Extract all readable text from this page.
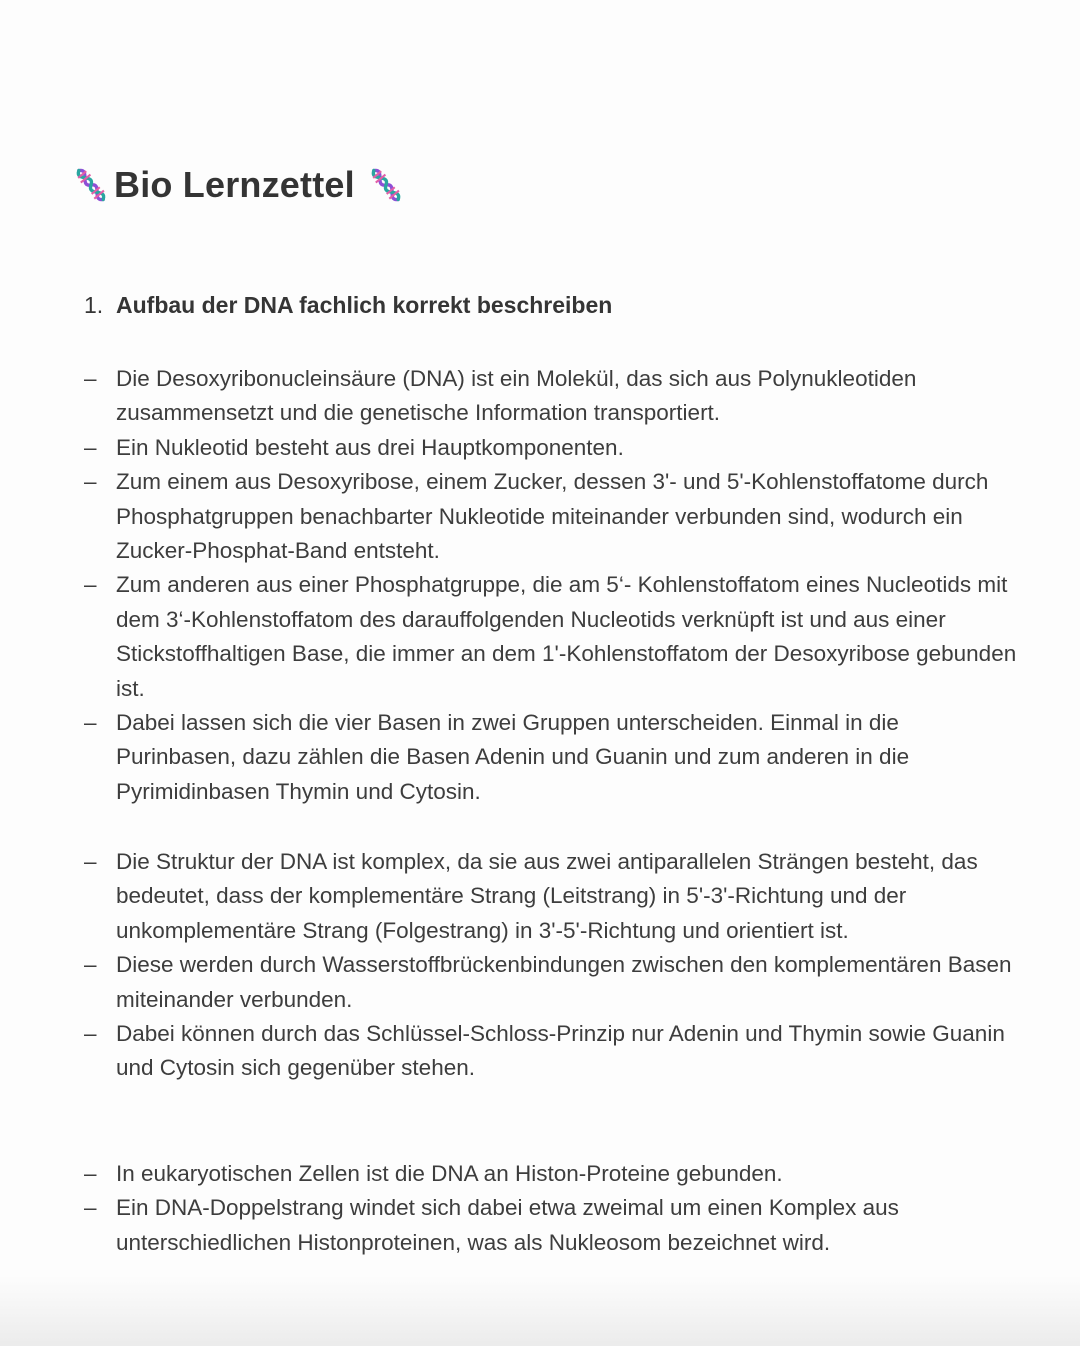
Bio Lernzettel
1. Aufbau der DNA fachlich korrekt beschreiben
– Die Desoxyribonucleinsäure (DNA) ist ein Molekül, das sich aus Polynukleotiden zusammensetzt und die genetische Information transportiert.
– Ein Nukleotid besteht aus drei Hauptkomponenten.
– Zum einem aus Desoxyribose, einem Zucker, dessen 3'- und 5'-Kohlenstoffatome durch Phosphatgruppen benachbarter Nukleotide miteinander verbunden sind, wodurch ein Zucker-Phosphat-Band entsteht.
– Zum anderen aus einer Phosphatgruppe, die am 5‘- Kohlenstoffatom eines Nucleotids mit dem 3‘-Kohlenstoffatom des darauffolgenden Nucleotids verknüpft ist und aus einer Stickstoffhaltigen Base, die immer an dem 1'-Kohlenstoffatom der Desoxyribose gebunden ist.
– Dabei lassen sich die vier Basen in zwei Gruppen unterscheiden. Einmal in die Purinbasen, dazu zählen die Basen Adenin und Guanin und zum anderen in die Pyrimidinbasen Thymin und Cytosin.
– Die Struktur der DNA ist komplex, da sie aus zwei antiparallelen Strängen besteht, das bedeutet, dass der komplementäre Strang (Leitstrang) in 5'-3'-Richtung und der unkomplementäre Strang (Folgestrang) in 3'-5'-Richtung und orientiert ist.
– Diese werden durch Wasserstoffbrückenbindungen zwischen den komplementären Basen miteinander verbunden.
– Dabei können durch das Schlüssel-Schloss-Prinzip nur Adenin und Thymin sowie Guanin und Cytosin sich gegenüber stehen.
– In eukaryotischen Zellen ist die DNA an Histon-Proteine gebunden.
– Ein DNA-Doppelstrang windet sich dabei etwa zweimal um einen Komplex aus unterschiedlichen Histonproteinen, was als Nukleosom bezeichnet wird.
